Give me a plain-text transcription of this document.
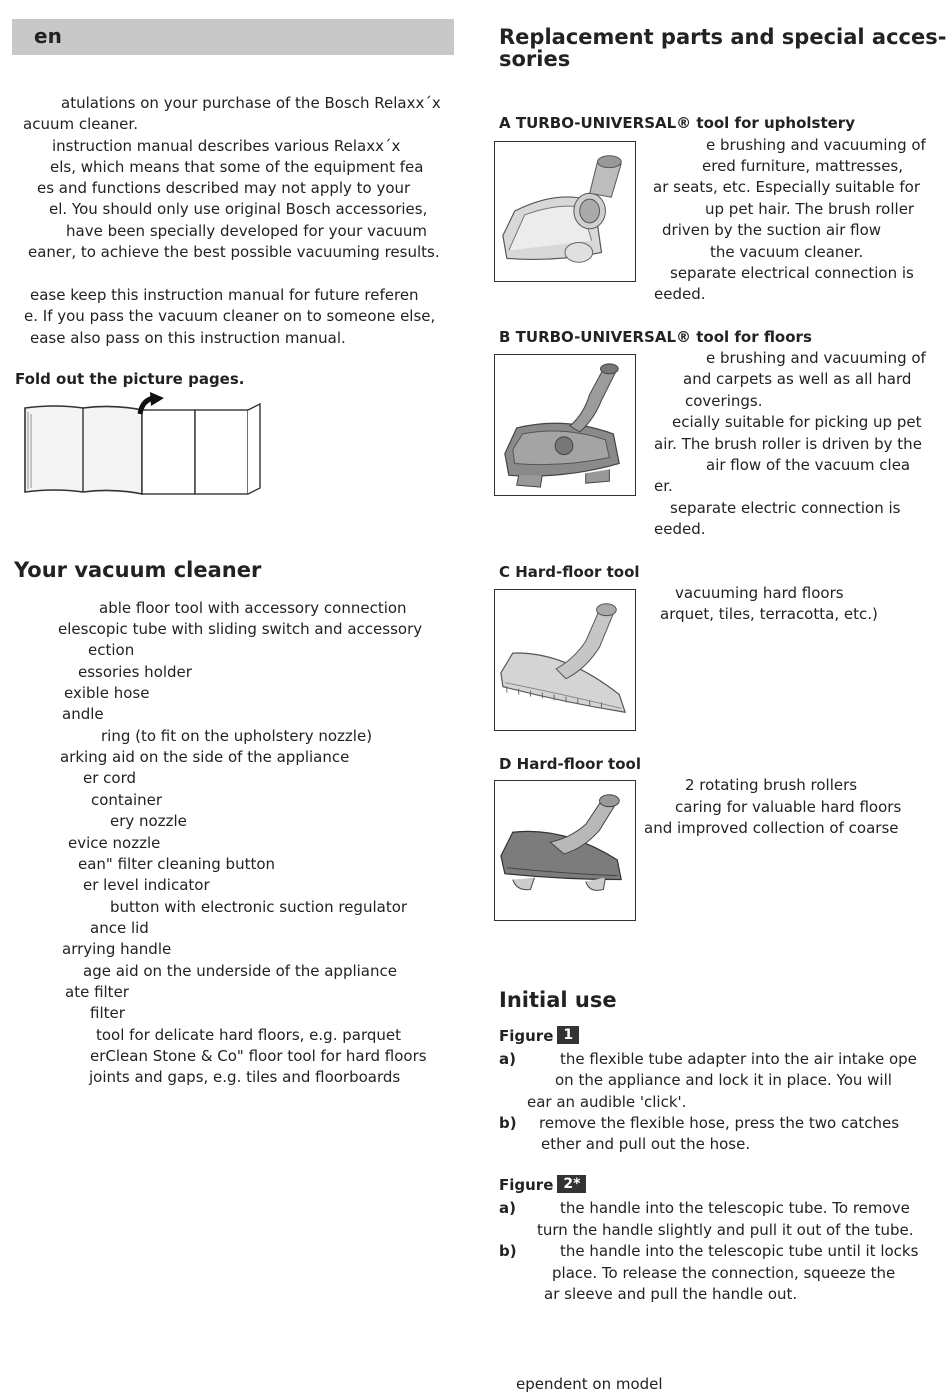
en
atulations on your purchase of the Bosch Relaxx´x
acuum cleaner.
instruction manual describes various Relaxx´x
els, which means that some of the equipment fea
es and functions described may not apply to your
el. You should only use original Bosch accessories,
have been specially developed for your vacuum
eaner, to achieve the best possible vacuuming results.
ease keep this instruction manual for future referen
e. If you pass the vacuum cleaner on to someone else,
ease also pass on this instruction manual.
Fold out the picture pages.
Your vacuum cleaner
able floor tool with accessory connection
elescopic tube with sliding switch and accessory
ection
essories holder
exible hose
andle
ring (to fit on the upholstery nozzle)
arking aid on the side of the appliance
er cord
container
ery nozzle
evice nozzle
ean" filter cleaning button
er level indicator
button with electronic suction regulator
ance lid
arrying handle
age aid on the underside of the appliance
ate filter
filter
tool for delicate hard floors, e.g. parquet
erClean Stone & Co" floor tool for hard floors
joints and gaps, e.g. tiles and floorboards
Replacement parts and special acces-
sories
A TURBO-UNIVERSAL® tool for upholstery
e brushing and vacuuming of
ered furniture, mattresses,
ar seats, etc. Especially suitable for
up pet hair. The brush roller
driven by the suction air flow
the vacuum cleaner.
separate electrical connection is
eeded.
B TURBO-UNIVERSAL® tool for floors
e brushing and vacuuming of
and carpets as well as all hard
coverings.
ecially suitable for picking up pet
air. The brush roller is driven by the
air flow of the vacuum clea
er.
separate electric connection is
eeded.
C Hard-floor tool
vacuuming hard floors
arquet, tiles, terracotta, etc.)
D Hard-floor tool
2 rotating brush rollers
caring for valuable hard floors
and improved collection of coarse
Initial use
Figure 1
a)	the flexible tube adapter into the air intake ope
on the appliance and lock it in place. You will
ear an audible 'click'.
b) remove the flexible hose, press the two catches
ether and pull out the hose.
Figure 2*
a)	the handle into the telescopic tube. To remove
turn the handle slightly and pull it out of the tube.
b)	the handle into the telescopic tube until it locks
place. To release the connection, squeeze the
ar sleeve and pull the handle out.
ependent on model
